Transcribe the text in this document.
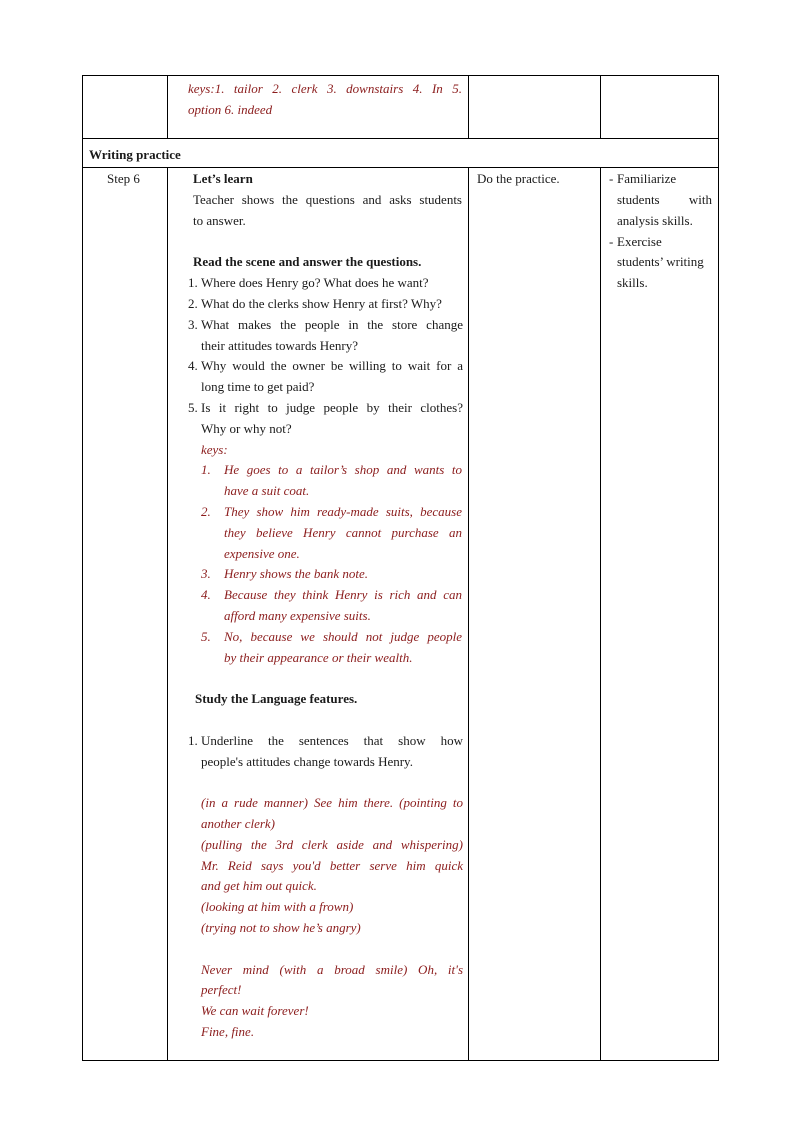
keys:1. tailor 2. clerk 3. downstairs 4. In 5.
option 6. indeed
Writing practice
Step 6	Let’s learn
Teacher shows the questions and asks students
to answer.
Read the scene and answer the questions.
1. Where does Henry go? What does he want?
2. What do the clerks show Henry at first? Why?
3. What makes the people in the store change
their attitudes towards Henry?
4. Why would the owner be willing to wait for a
long time to get paid?
5. Is it right to judge people by their clothes?
Why or why not?
keys:
1. He goes to a tailor’s shop and wants to
have a suit coat.
2. They show him ready-made suits, because
they believe Henry cannot purchase an
expensive one.
3. Henry shows the bank note.
4. Because they think Henry is rich and can
afford many expensive suits.
5. No, because we should not judge people
by their appearance or their wealth.
Study the Language features.
1. Underline the sentences that show how
people's attitudes change towards Henry.
(in a rude manner) See him there. (pointing to
another clerk)
(pulling the 3rd clerk aside and whispering)
Mr. Reid says you'd better serve him quick
and get him out quick.
(looking at him with a frown)
(trying not to show he’s angry)
Never mind (with a broad smile) Oh, it's
perfect!
We can wait forever!
Fine, fine.
Do the practice.	- Familiarize
students with
analysis skills.
- Exercise
students’ writing
skills.
